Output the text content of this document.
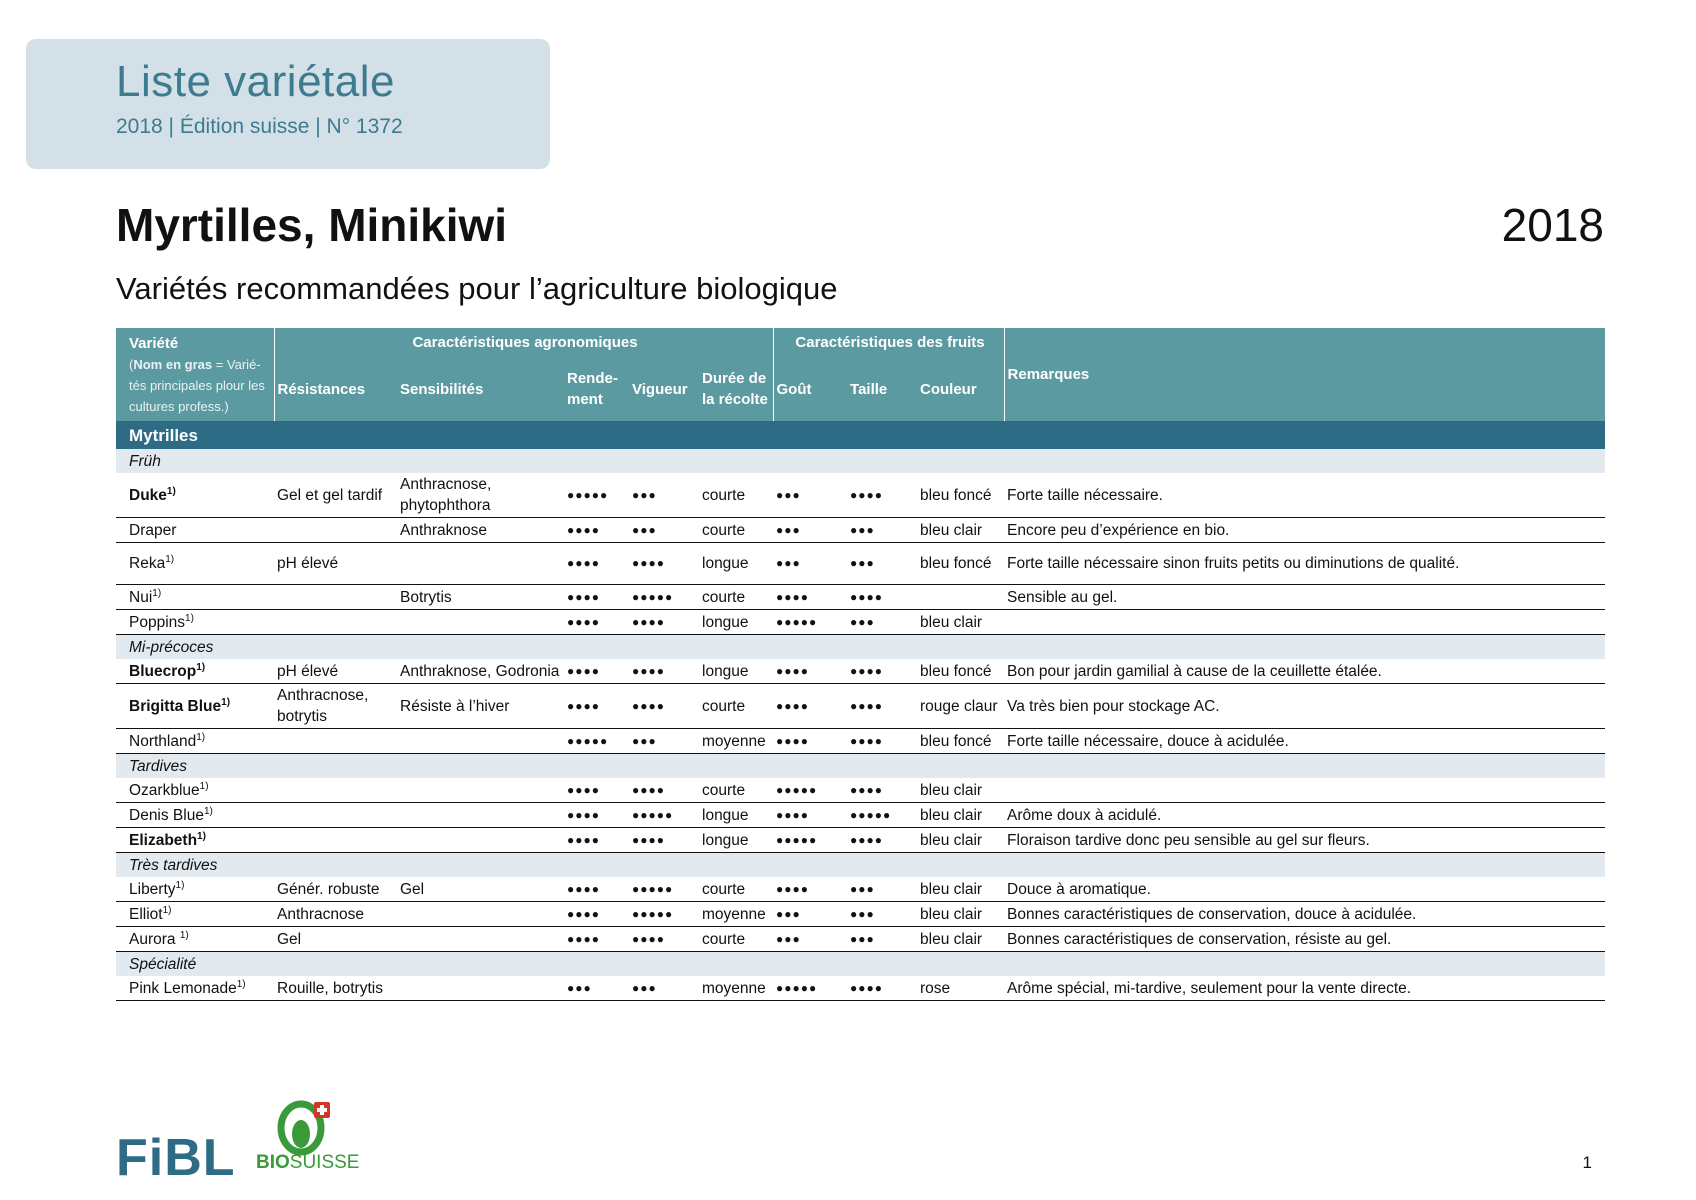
Liste variétale
2018 | Édition suisse | N° 1372
Myrtilles, Minikiwi	2018
Variétés recommandées pour l’agriculture biologique
Variété
(Nom en gras = Varié-tés principales plour les cultures profess.)	Caractéristiques agronomiques					Caractéristiques des fruits			Remarques
	Résistances	Sensibilités	Rende-ment	Vigueur	Durée de la récolte	Goût	Taille	Couleur	
Mytrilles									
Früh									
Duke$^{1)}$	Gel et gel tardif	Anthracnose, phytophthora	●●●●●	●●●	courte	●●●	●●●●	bleu foncé	Forte taille nécessaire.
Draper		Anthraknose	●●●●	●●●	courte	●●●	●●●	bleu clair	Encore peu d’expérience en bio.
Reka$^{1)}$	pH élevé		●●●●	●●●●	longue	●●●	●●●	bleu foncé	Forte taille nécessaire sinon fruits petits ou diminutions de qualité.
Nui$^{1)}$		Botrytis	●●●●	●●●●●	courte	●●●●	●●●●		Sensible au gel.
Poppins$^{1)}$			●●●●	●●●●	longue	●●●●●	●●●	bleu clair	
Mi-précoces									
Bluecrop$^{1)}$	pH élevé	Anthraknose, Godronia	●●●●	●●●●	longue	●●●●	●●●●	bleu foncé	Bon pour jardin gamilial à cause de la ceuillette étalée.
Brigitta Blue$^{1)}$	Anthracnose, botrytis	Résiste à l’hiver	●●●●	●●●●	courte	●●●●	●●●●	rouge claur	Va très bien pour stockage AC.
Northland$^{1)}$			●●●●●	●●●	moyenne	●●●●	●●●●	bleu foncé	Forte taille nécessaire, douce à acidulée.
Tardives									
Ozarkblue$^{1)}$			●●●●	●●●●	courte	●●●●●	●●●●	bleu clair	
Denis Blue$^{1)}$			●●●●	●●●●●	longue	●●●●	●●●●●	bleu clair	Arôme doux à acidulé.
Elizabeth$^{1)}$			●●●●	●●●●	longue	●●●●●	●●●●	bleu clair	Floraison tardive donc peu sensible au gel sur fleurs.
Très tardives									
Liberty$^{1)}$	Génér. robuste	Gel	●●●●	●●●●●	courte	●●●●	●●●	bleu clair	Douce à aromatique.
Elliot$^{1)}$	Anthracnose		●●●●	●●●●●	moyenne	●●●	●●●	bleu clair	Bonnes caractéristiques de conservation, douce à acidulée.
Aurora $^{1)}$	Gel		●●●●	●●●●	courte	●●●	●●●	bleu clair	Bonnes caractéristiques de conservation, résiste au gel.
Spécialité									
Pink Lemonade$^{1)}$	Rouille, botrytis		●●●	●●●	moyenne	●●●●●	●●●●	rose	Arôme spécial, mi-tardive, seulement pour la vente directe.
FiBL BIOSUISSE	1
